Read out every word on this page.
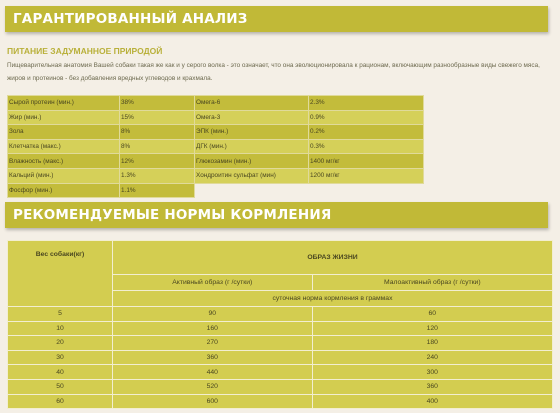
ГАРАНТИРОВАННЫЙ АНАЛИЗ
ПИТАНИЕ ЗАДУМАННОЕ ПРИРОДОЙ
Пищеварительная анатомия Вашей собаки такая же как и у серого волка - это означает, что она эволюционировала к рационам, включающим разнообразные виды свежего мяса, жиров и протеинов - без добавления вредных углеводов и крахмала.
Сырой протеин (мин.)	38%	Омега-6	2.3%
Жир (мин.)	15%	Омега-3	0.9%
Зола	8%	ЭПК (мин.)	0.2%
Клетчатка (макс.)	8%	ДГК (мин.)	0.3%
Влажность (макс.)	12%	Глюкозамин (мин.)	1400 мг/кг
Кальций (мин.)	1.3%	Хондроитин сульфат (мин)	1200 мг/кг
Фосфор (мин.)	1.1%		
РЕКОМЕНДУЕМЫЕ НОРМЫ КОРМЛЕНИЯ
Вес собаки(кг)	ОБРАЗ ЖИЗНИ	
	Активный образ (г /сутки)	Малоактивный образ (г /сутки)
	суточная норма кормления в граммах	
5	90	60
10	160	120
20	270	180
30	360	240
40	440	300
50	520	360
60	600	400
